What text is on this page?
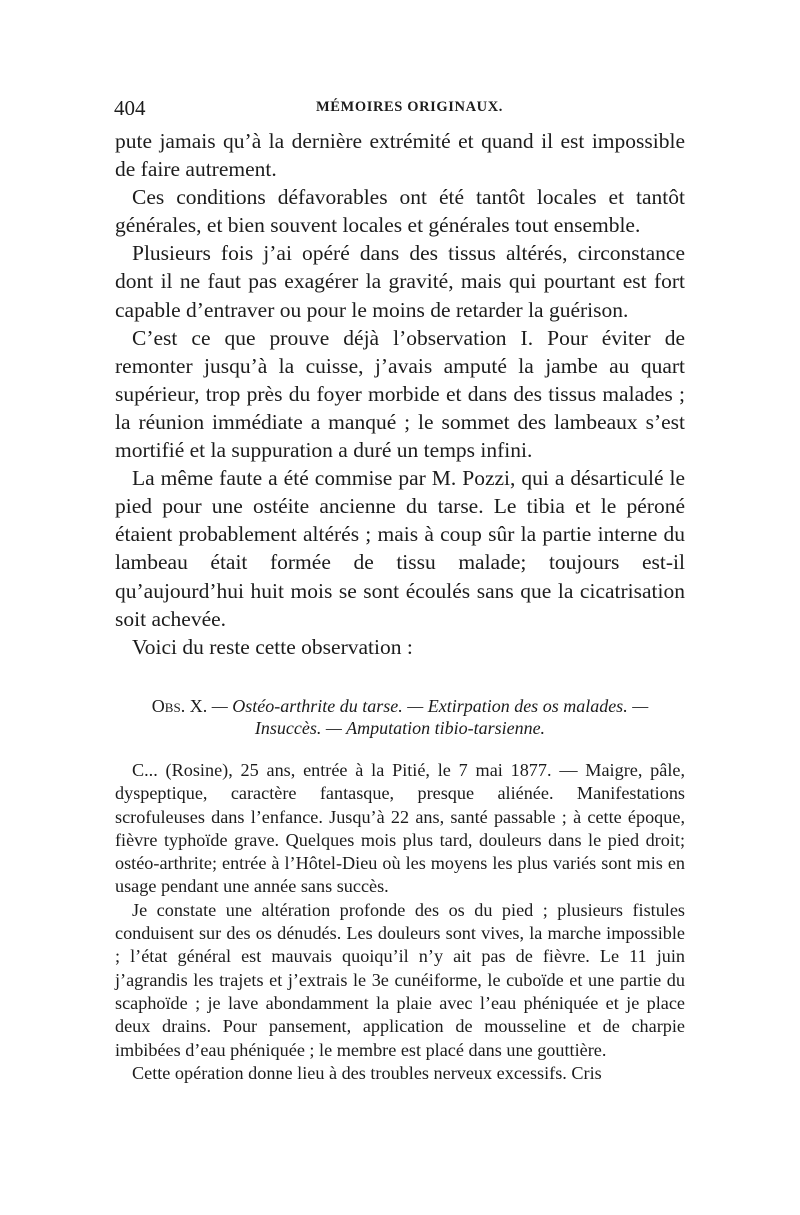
404	MÉMOIRES ORIGINAUX.

pute jamais qu’à la dernière extrémité et quand il est impossible de faire autrement.

Ces conditions défavorables ont été tantôt locales et tantôt générales, et bien souvent locales et générales tout ensemble.

Plusieurs fois j’ai opéré dans des tissus altérés, circonstance dont il ne faut pas exagérer la gravité, mais qui pourtant est fort capable d’entraver ou pour le moins de retarder la guérison.

C’est ce que prouve déjà l’observation I. Pour éviter de remonter jusqu’à la cuisse, j’avais amputé la jambe au quart supérieur, trop près du foyer morbide et dans des tissus malades ; la réunion immédiate a manqué ; le sommet des lambeaux s’est mortifié et la suppuration a duré un temps infini.

La même faute a été commise par M. Pozzi, qui a désarticulé le pied pour une ostéite ancienne du tarse. Le tibia et le péroné étaient probablement altérés ; mais à coup sûr la partie interne du lambeau était formée de tissu malade; toujours est-il qu’aujourd’hui huit mois se sont écoulés sans que la cicatrisation soit achevée.

Voici du reste cette observation :

Obs. X. — Ostéo-arthrite du tarse. — Extirpation des os malades. —
Insuccès. — Amputation tibio-tarsienne.

C... (Rosine), 25 ans, entrée à la Pitié, le 7 mai 1877. — Maigre, pâle, dyspeptique, caractère fantasque, presque aliénée. Manifestations scrofuleuses dans l’enfance. Jusqu’à 22 ans, santé passable ; à cette époque, fièvre typhoïde grave. Quelques mois plus tard, douleurs dans le pied droit; ostéo-arthrite; entrée à l’Hôtel-Dieu où les moyens les plus variés sont mis en usage pendant une année sans succès.

Je constate une altération profonde des os du pied ; plusieurs fistules conduisent sur des os dénudés. Les douleurs sont vives, la marche impossible ; l’état général est mauvais quoiqu’il n’y ait pas de fièvre. Le 11 juin j’agrandis les trajets et j’extrais le 3e cunéiforme, le cuboïde et une partie du scaphoïde ; je lave abondamment la plaie avec l’eau phéniquée et je place deux drains. Pour pansement, application de mousseline et de charpie imbibées d’eau phéniquée ; le membre est placé dans une gouttière.

Cette opération donne lieu à des troubles nerveux excessifs. Cris
